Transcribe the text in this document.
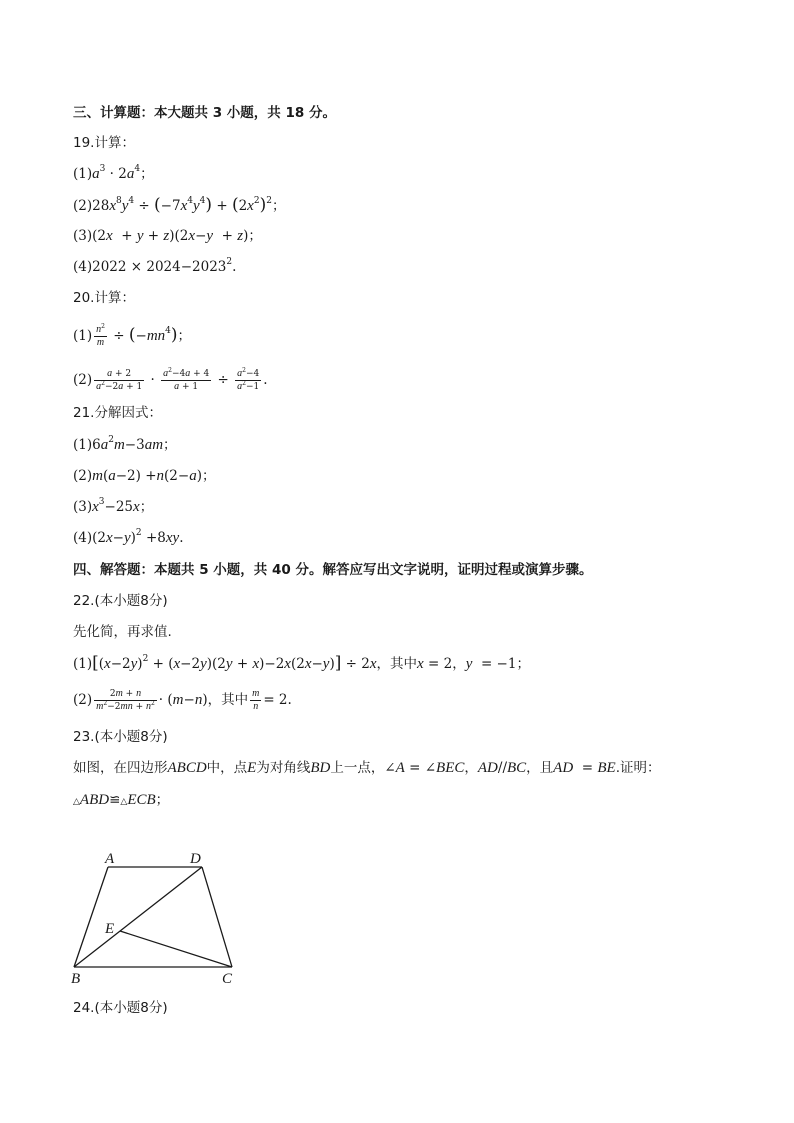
三、计算题：本大题共 3 小题，共 18 分。
19.计算：
$(1)a^3 \cdot 2a^4$；
$(2)28x^8y^4 \div (-7x^4y^4) + (2x^2)^2$；
(3)(2x  + y + z)(2x−y  + z)；
$(4)2022 \times 2024-2023^2$.
20.计算：
$(1) \frac{n^2}{m} \div (-mn^4)$；
$(2) \frac{a + 2}{a^2-2a + 1} \cdot \frac{a^2-4a + 4}{a + 1} \div \frac{a^2-4}{a^2-1}$ .
21.分解因式：
$(1)6a^2m-3am$；
(2)m(a−2) +n(2−a)；
$(3)x^3-25x$；
$(4)(2x-y)^2 +8xy$.
四、解答题：本题共 5 小题，共 40 分。解答应写出文字说明，证明过程或演算步骤。
22.(本小题8分)
先化简，再求值.
$(1)[(x-2y)^2 + (x-2y)(2y + x)-2x(2x-y)] \div 2x$，其中x = 2，y  = −1；
$(2) \frac{2m + n}{m^2-2mn + n^2} \cdot (m-n)$，其中 $\frac{m}{n} = 2$.
23.(本小题8分)
如图，在四边形ABCD中，点E为对角线BD上一点，∠A = ∠BEC，AD//BC，且AD  = BE.证明：
△ABD≌△ECB；
A	D
E
B	C
24.(本小题8分)
